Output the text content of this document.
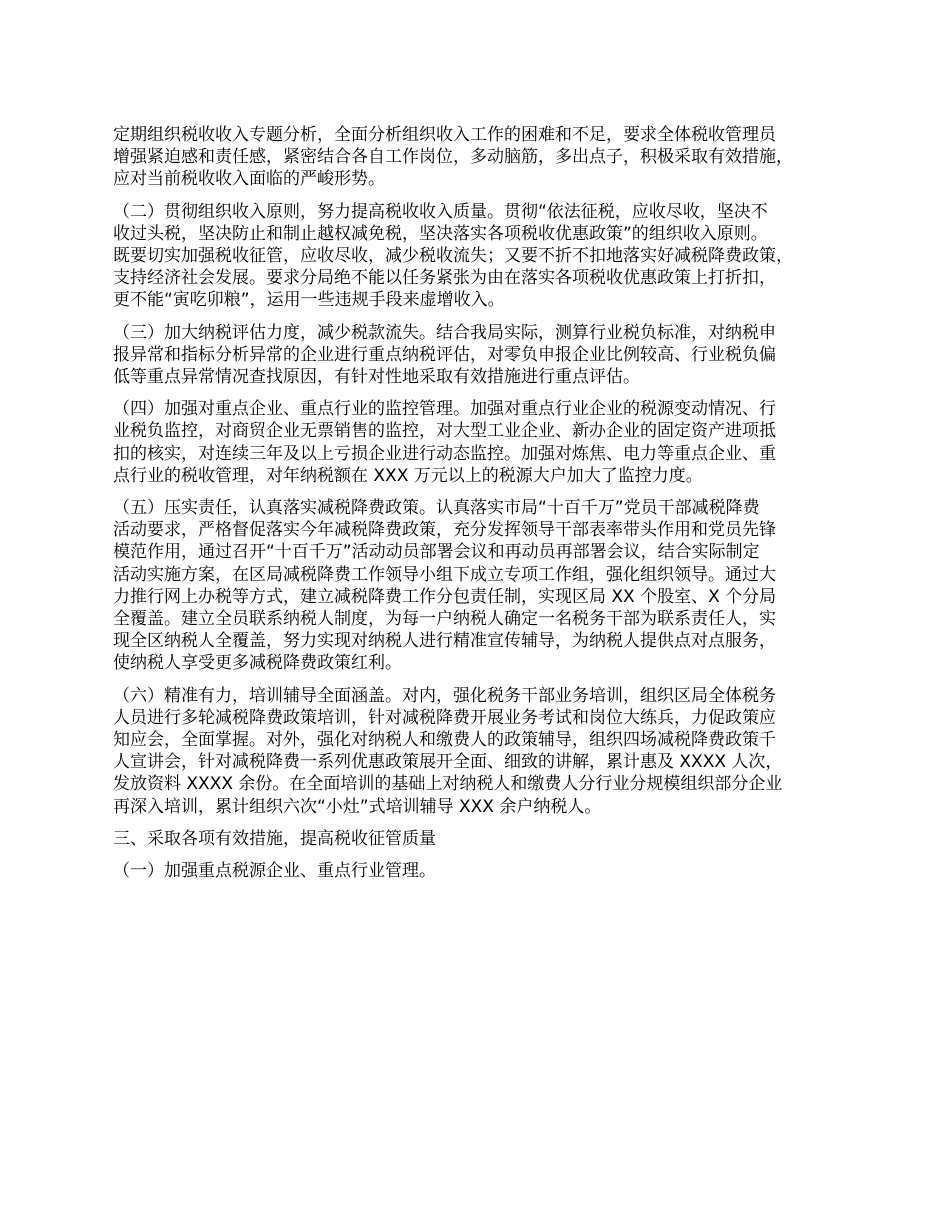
定期组织税收收入专题分析，全面分析组织收入工作的困难和不足，要求全体税收管理员
增强紧迫感和责任感，紧密结合各自工作岗位，多动脑筋，多出点子，积极采取有效措施，
应对当前税收收入面临的严峻形势。

（二）贯彻组织收入原则，努力提高税收收入质量。贯彻“依法征税，应收尽收，坚决不
收过头税，坚决防止和制止越权减免税，坚决落实各项税收优惠政策”的组织收入原则。
既要切实加强税收征管，应收尽收，减少税收流失；又要不折不扣地落实好减税降费政策，
支持经济社会发展。要求分局绝不能以任务紧张为由在落实各项税收优惠政策上打折扣，
更不能“寅吃卯粮”，运用一些违规手段来虚增收入。

（三）加大纳税评估力度，减少税款流失。结合我局实际，测算行业税负标准，对纳税申
报异常和指标分析异常的企业进行重点纳税评估，对零负申报企业比例较高、行业税负偏
低等重点异常情况查找原因，有针对性地采取有效措施进行重点评估。

（四）加强对重点企业、重点行业的监控管理。加强对重点行业企业的税源变动情况、行
业税负监控，对商贸企业无票销售的监控，对大型工业企业、新办企业的固定资产进项抵
扣的核实，对连续三年及以上亏损企业进行动态监控。加强对炼焦、电力等重点企业、重
点行业的税收管理，对年纳税额在 XXX 万元以上的税源大户加大了监控力度。

（五）压实责任，认真落实减税降费政策。认真落实市局“十百千万”党员干部减税降费
活动要求，严格督促落实今年减税降费政策，充分发挥领导干部表率带头作用和党员先锋
模范作用，通过召开“十百千万”活动动员部署会议和再动员再部署会议，结合实际制定
活动实施方案，在区局减税降费工作领导小组下成立专项工作组，强化组织领导。通过大
力推行网上办税等方式，建立减税降费工作分包责任制，实现区局 XX 个股室、X 个分局
全覆盖。建立全员联系纳税人制度，为每一户纳税人确定一名税务干部为联系责任人，实
现全区纳税人全覆盖，努力实现对纳税人进行精准宣传辅导，为纳税人提供点对点服务，
使纳税人享受更多减税降费政策红利。

（六）精准有力，培训辅导全面涵盖。对内，强化税务干部业务培训，组织区局全体税务
人员进行多轮减税降费政策培训，针对减税降费开展业务考试和岗位大练兵，力促政策应
知应会，全面掌握。对外，强化对纳税人和缴费人的政策辅导，组织四场减税降费政策千
人宣讲会，针对减税降费一系列优惠政策展开全面、细致的讲解，累计惠及 XXXX 人次，
发放资料 XXXX 余份。在全面培训的基础上对纳税人和缴费人分行业分规模组织部分企业
再深入培训，累计组织六次“小灶”式培训辅导 XXX 余户纳税人。

三、采取各项有效措施，提高税收征管质量

（一）加强重点税源企业、重点行业管理。
